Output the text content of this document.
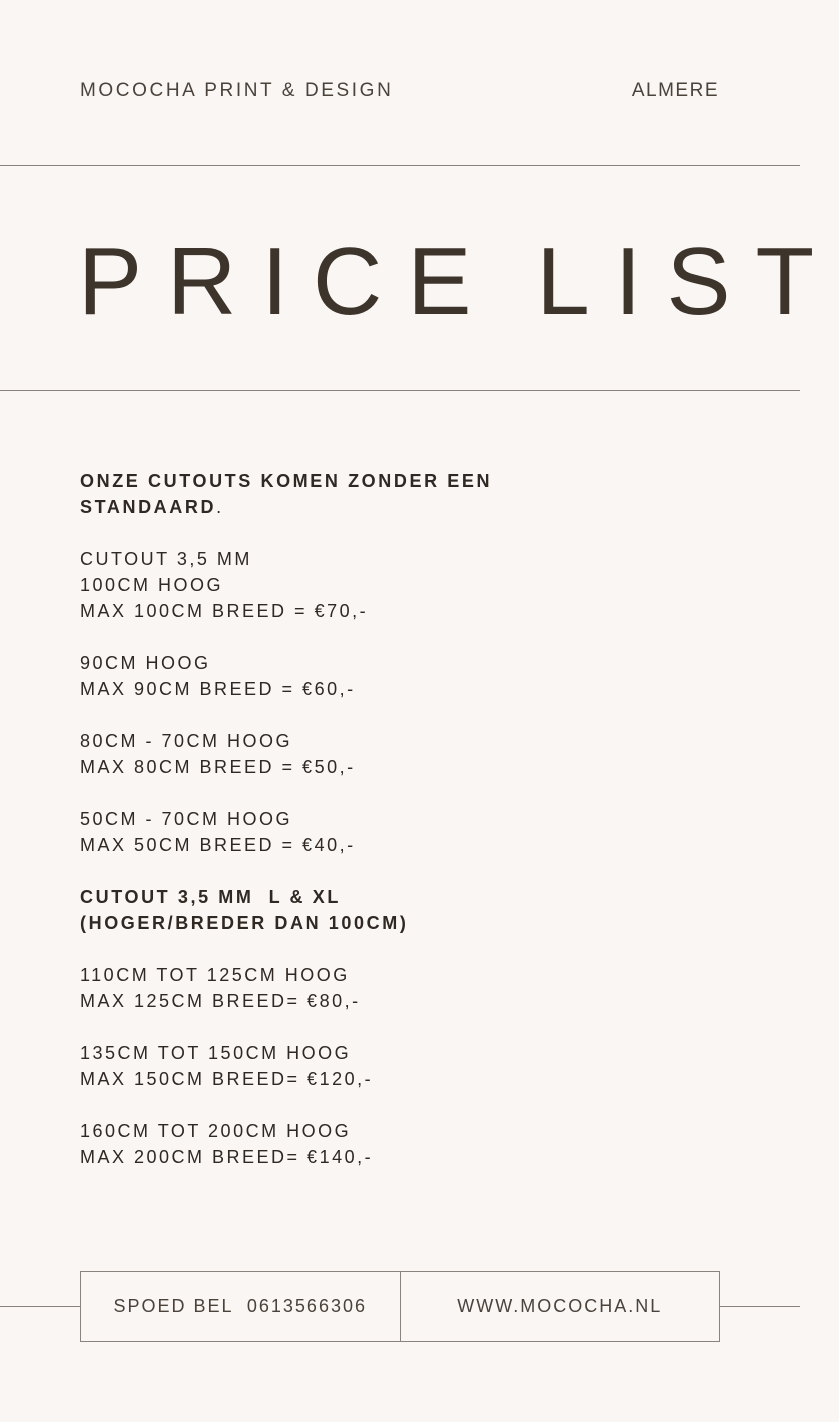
MOCOCHA PRINT & DESIGN	ALMERE
PRICE LIST
ONZE CUTOUTS KOMEN ZONDER EEN
STANDAARD.
CUTOUT 3,5 MM
100CM HOOG
MAX 100CM BREED = €70,-
90CM HOOG
MAX 90CM BREED = €60,-
80CM - 70CM HOOG
MAX 80CM BREED = €50,-
50CM - 70CM HOOG
MAX 50CM BREED = €40,-
CUTOUT 3,5 MM  L & XL
(HOGER/BREDER DAN 100CM)
110CM TOT 125CM HOOG
MAX 125CM BREED= €80,-
135CM TOT 150CM HOOG
MAX 150CM BREED= €120,-
160CM TOT 200CM HOOG
MAX 200CM BREED= €140,-
SPOED BEL  0613566306	WWW.MOCOCHA.NL
